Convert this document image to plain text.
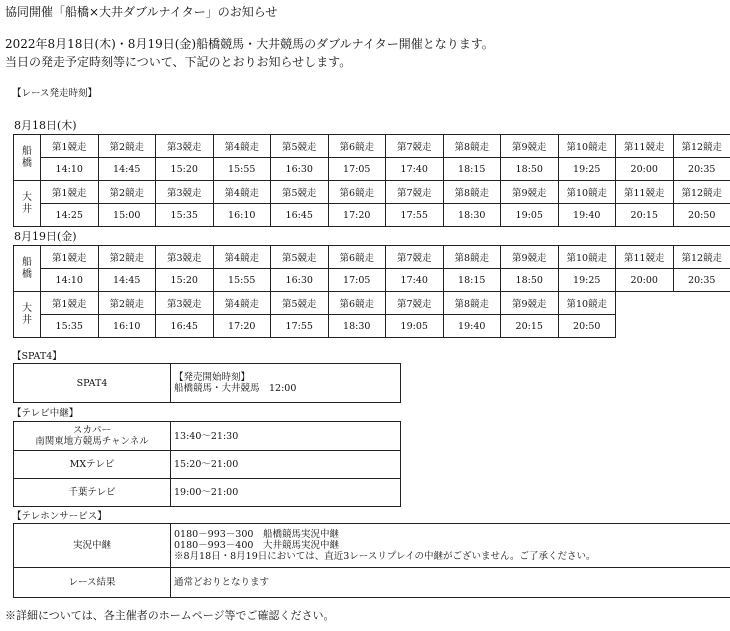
協同開催「船橋×大井ダブルナイター」のお知らせ
2022年8月18日(木)・8月19日(金)船橋競馬・大井競馬のダブルナイター開催となります。
当日の発走予定時刻等について、下記のとおりお知らせします。
【レース発走時刻】
8月18日(木)
船橋	第1競走	第2競走	第3競走	第4競走	第5競走	第6競走	第7競走	第8競走	第9競走	第10競走	第11競走	第12競走
	14:10	14:45	15:20	15:55	16:30	17:05	17:40	18:15	18:50	19:25	20:00	20:35

大井	第1競走	第2競走	第3競走	第4競走	第5競走	第6競走	第7競走	第8競走	第9競走	第10競走	第11競走	第12競走
	14:25	15:00	15:35	16:10	16:45	17:20	17:55	18:30	19:05	19:40	20:15	20:50
8月19日(金)
船橋	第1競走	第2競走	第3競走	第4競走	第5競走	第6競走	第7競走	第8競走	第9競走	第10競走	第11競走	第12競走
	14:10	14:45	15:20	15:55	16:30	17:05	17:40	18:15	18:50	19:25	20:00	20:35

大井	第1競走	第2競走	第3競走	第4競走	第5競走	第6競走	第7競走	第8競走	第9競走	第10競走		
	15:35	16:10	16:45	17:20	17:55	18:30	19:05	19:40	20:15	20:50		
【SPAT4】
SPAT4	【発売開始時刻】
船橋競馬・大井競馬　12:00
【テレビ中継】
スカパー
南関東地方競馬チャンネル	13:40～21:30
MXテレビ	15:20～21:00
千葉テレビ	19:00～21:00
【テレホンサービス】
実況中継	0180－993－300　船橋競馬実況中継
0180－993－400　大井競馬実況中継
※8月18日・8月19日においては、直近3レースリプレイの中継がございません。ご了承ください。

レース結果	通常どおりとなります
※詳細については、各主催者のホームページ等でご確認ください。
